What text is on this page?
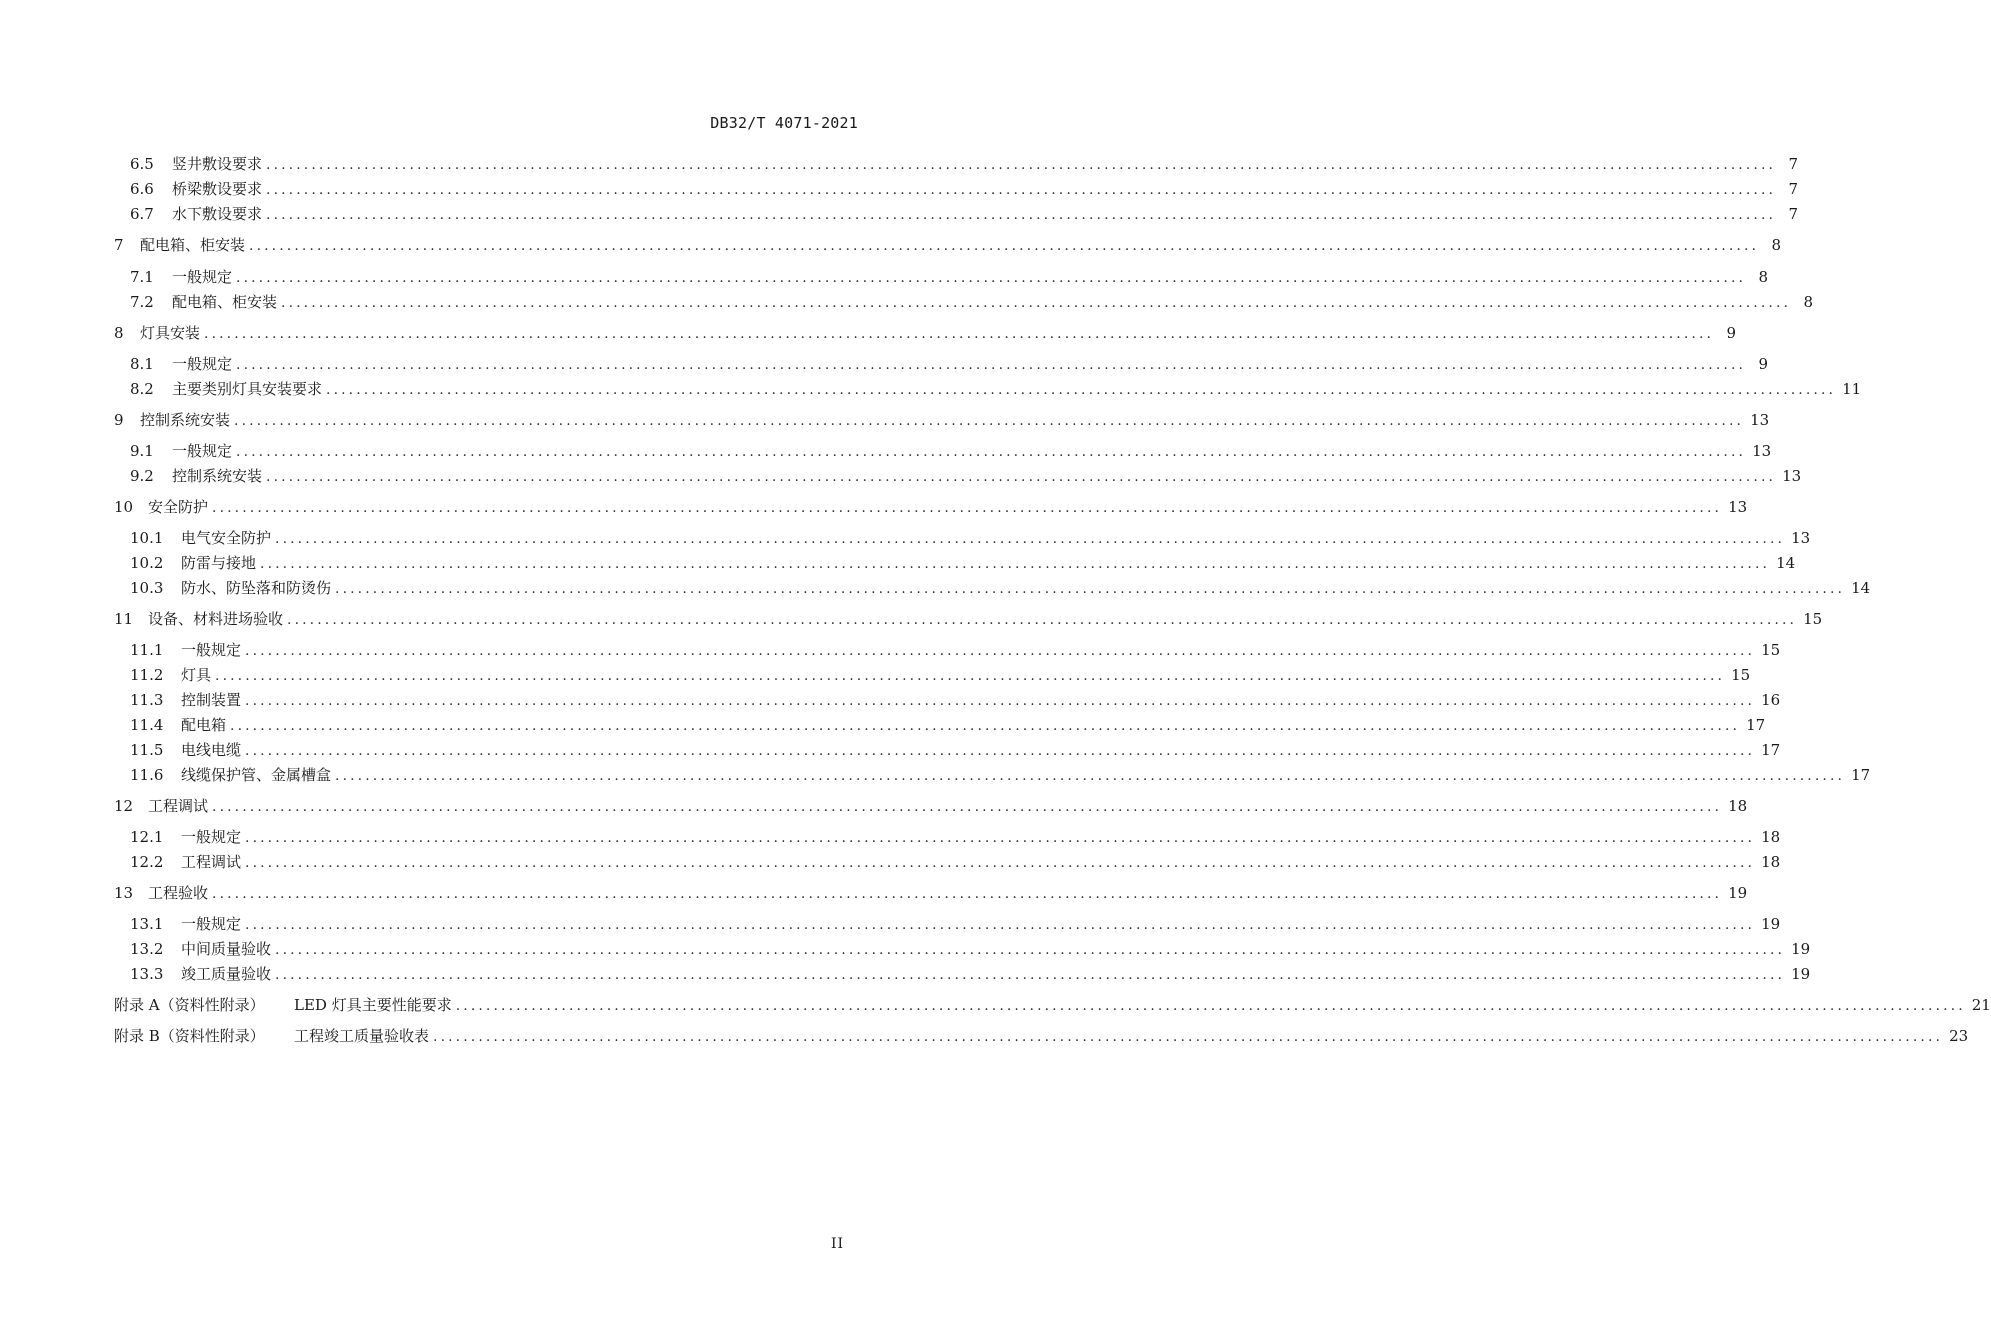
DB32/T 4071-2021
6.5	竖井敷设要求 ........................................................................................................................................................................................................ 7
6.6	桥梁敷设要求 ........................................................................................................................................................................................................ 7
6.7	水下敷设要求 ........................................................................................................................................................................................................ 7
7	配电箱、柜安装 ........................................................................................................................................................................................................ 8
7.1	一般规定 ........................................................................................................................................................................................................ 8
7.2	配电箱、柜安装 ........................................................................................................................................................................................................ 8
8	灯具安装 ........................................................................................................................................................................................................ 9
8.1	一般规定 ........................................................................................................................................................................................................ 9
8.2	主要类别灯具安装要求 ........................................................................................................................................................................................................ 11
9	控制系统安装 ........................................................................................................................................................................................................ 13
9.1	一般规定 ........................................................................................................................................................................................................ 13
9.2	控制系统安装 ........................................................................................................................................................................................................ 13
10 安全防护 ........................................................................................................................................................................................................ 13
10.1	电气安全防护 ........................................................................................................................................................................................................ 13
10.2	防雷与接地 ........................................................................................................................................................................................................ 14
10.3	防水、防坠落和防烫伤 ........................................................................................................................................................................................................ 14
11 设备、材料进场验收 ........................................................................................................................................................................................................ 15
11.1	一般规定 ........................................................................................................................................................................................................ 15
11.2	灯具 ........................................................................................................................................................................................................ 15
11.3	控制装置 ........................................................................................................................................................................................................ 16
11.4	配电箱 ........................................................................................................................................................................................................ 17
11.5	电线电缆 ........................................................................................................................................................................................................ 17
11.6	线缆保护管、金属槽盒 ........................................................................................................................................................................................................ 17
12 工程调试 ........................................................................................................................................................................................................ 18
12.1	一般规定 ........................................................................................................................................................................................................ 18
12.2	工程调试 ........................................................................................................................................................................................................ 18
13 工程验收 ........................................................................................................................................................................................................ 19
13.1	一般规定 ........................................................................................................................................................................................................ 19
13.2	中间质量验收 ........................................................................................................................................................................................................ 19
13.3	竣工质量验收 ........................................................................................................................................................................................................ 19
附录 A（资料性附录）	LED 灯具主要性能要求 ........................................................................................................................................................................................................ 21
附录 B（资料性附录）	工程竣工质量验收表 ........................................................................................................................................................................................................ 23
II
